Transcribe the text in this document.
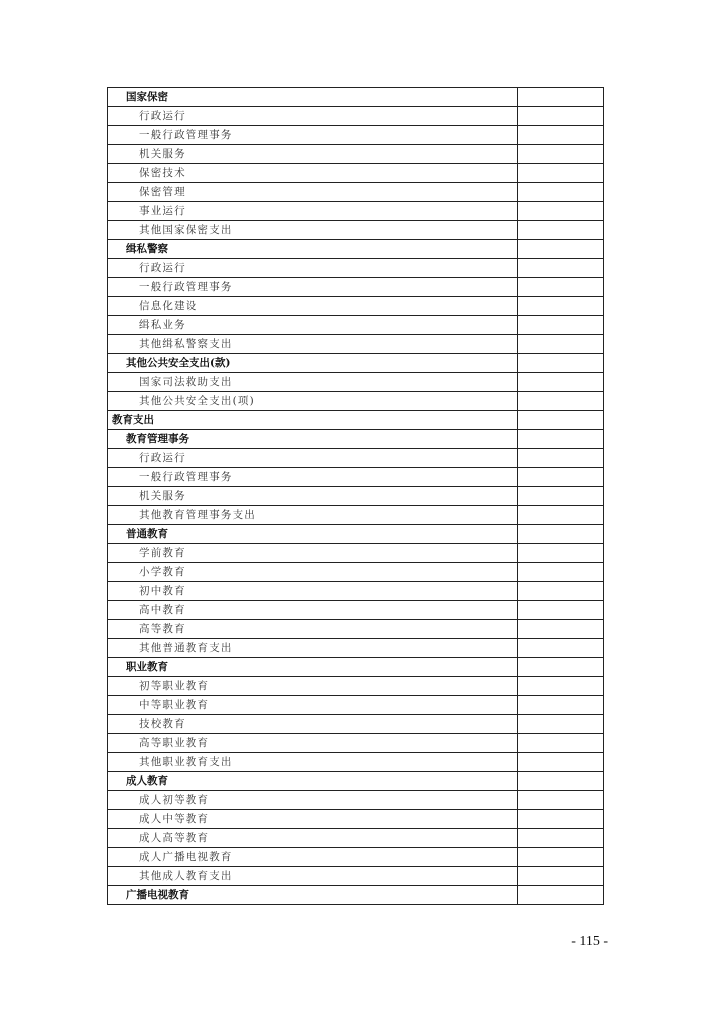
国家保密	
行政运行	
一般行政管理事务	
机关服务	
保密技术	
保密管理	
事业运行	
其他国家保密支出	
缉私警察	
行政运行	
一般行政管理事务	
信息化建设	
缉私业务	
其他缉私警察支出	
其他公共安全支出(款)	
国家司法救助支出	
其他公共安全支出(项)	
教育支出	
教育管理事务	
行政运行	
一般行政管理事务	
机关服务	
其他教育管理事务支出	
普通教育	
学前教育	
小学教育	
初中教育	
高中教育	
高等教育	
其他普通教育支出	
职业教育	
初等职业教育	
中等职业教育	
技校教育	
高等职业教育	
其他职业教育支出	
成人教育	
成人初等教育	
成人中等教育	
成人高等教育	
成人广播电视教育	
其他成人教育支出	
广播电视教育	
- 115 -
